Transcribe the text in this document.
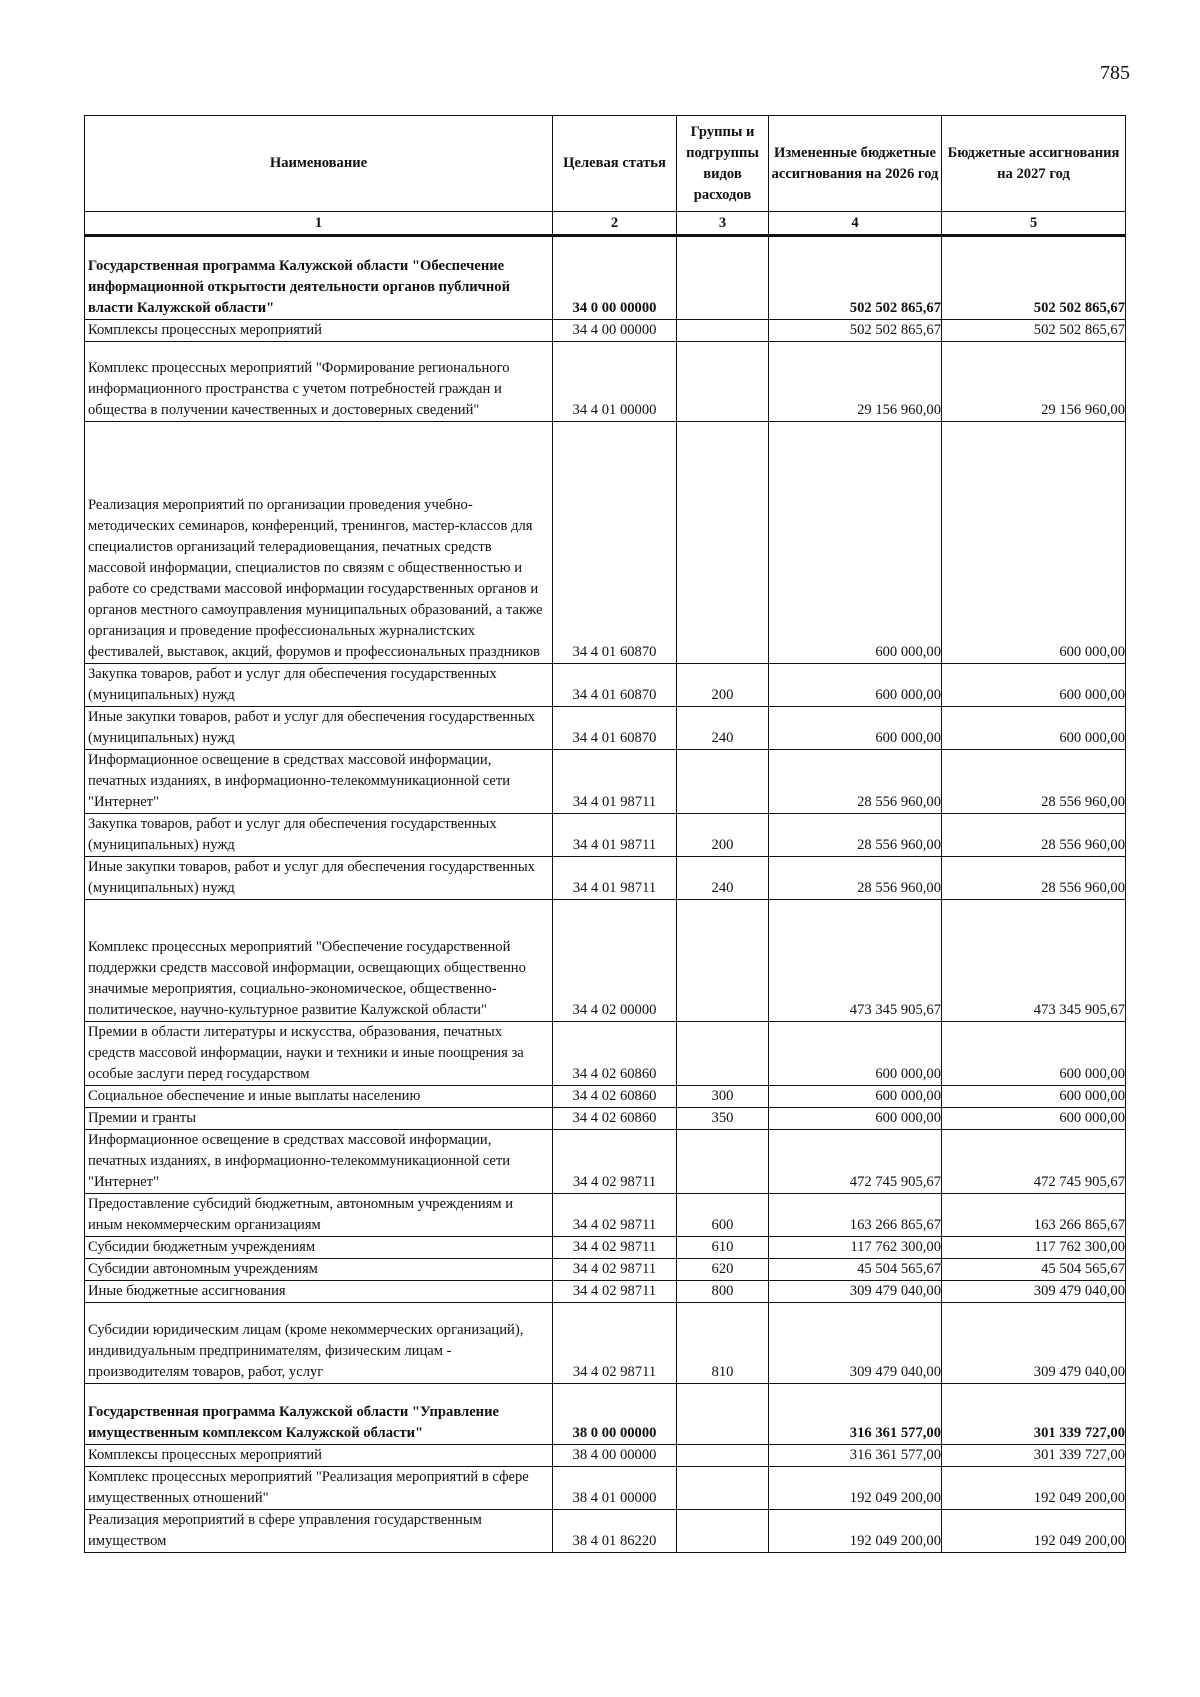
785
Наименование	Целевая статья	Группы и подгруппы видов расходов	Измененные бюджетные ассигнования на 2026 год	Бюджетные ассигнования на 2027 год
1	2	3	4	5
Государственная программа Калужской области "Обеспечение информационной открытости деятельности органов публичной власти Калужской области"	34 0 00 00000		502 502 865,67	502 502 865,67
Комплексы процессных мероприятий	34 4 00 00000		502 502 865,67	502 502 865,67
Комплекс процессных мероприятий "Формирование регионального информационного пространства с учетом потребностей граждан и общества в получении качественных и достоверных сведений"	34 4 01 00000		29 156 960,00	29 156 960,00
Реализация мероприятий по организации проведения учебно-методических семинаров, конференций, тренингов, мастер-классов для специалистов организаций телерадиовещания, печатных средств массовой информации, специалистов по связям с общественностью и работе со средствами массовой информации государственных органов и органов местного самоуправления муниципальных образований, а также организация и проведение профессиональных журналистских фестивалей, выставок, акций, форумов и профессиональных праздников	34 4 01 60870		600 000,00	600 000,00
Закупка товаров, работ и услуг для обеспечения государственных (муниципальных) нужд	34 4 01 60870	200	600 000,00	600 000,00
Иные закупки товаров, работ и услуг для обеспечения государственных (муниципальных) нужд	34 4 01 60870	240	600 000,00	600 000,00
Информационное освещение в средствах массовой информации, печатных изданиях, в информационно-телекоммуникационной сети "Интернет"	34 4 01 98711		28 556 960,00	28 556 960,00
Закупка товаров, работ и услуг для обеспечения государственных (муниципальных) нужд	34 4 01 98711	200	28 556 960,00	28 556 960,00
Иные закупки товаров, работ и услуг для обеспечения государственных (муниципальных) нужд	34 4 01 98711	240	28 556 960,00	28 556 960,00
Комплекс процессных мероприятий "Обеспечение государственной поддержки средств массовой информации, освещающих общественно значимые мероприятия, социально-экономическое, общественно-политическое, научно-культурное развитие Калужской области"	34 4 02 00000		473 345 905,67	473 345 905,67
Премии в области литературы и искусства, образования, печатных средств массовой информации, науки и техники и иные поощрения за особые заслуги перед государством	34 4 02 60860		600 000,00	600 000,00
Социальное обеспечение и иные выплаты населению	34 4 02 60860	300	600 000,00	600 000,00
Премии и гранты	34 4 02 60860	350	600 000,00	600 000,00
Информационное освещение в средствах массовой информации, печатных изданиях, в информационно-телекоммуникационной сети "Интернет"	34 4 02 98711		472 745 905,67	472 745 905,67
Предоставление субсидий бюджетным, автономным учреждениям и иным некоммерческим организациям	34 4 02 98711	600	163 266 865,67	163 266 865,67
Субсидии бюджетным учреждениям	34 4 02 98711	610	117 762 300,00	117 762 300,00
Субсидии автономным учреждениям	34 4 02 98711	620	45 504 565,67	45 504 565,67
Иные бюджетные ассигнования	34 4 02 98711	800	309 479 040,00	309 479 040,00
Субсидии юридическим лицам (кроме некоммерческих организаций), индивидуальным предпринимателям, физическим лицам - производителям товаров, работ, услуг	34 4 02 98711	810	309 479 040,00	309 479 040,00
Государственная программа Калужской области "Управление имущественным комплексом Калужской области"	38 0 00 00000		316 361 577,00	301 339 727,00
Комплексы процессных мероприятий	38 4 00 00000		316 361 577,00	301 339 727,00
Комплекс процессных мероприятий "Реализация мероприятий в сфере имущественных отношений"	38 4 01 00000		192 049 200,00	192 049 200,00
Реализация мероприятий в сфере управления государственным имуществом	38 4 01 86220		192 049 200,00	192 049 200,00
